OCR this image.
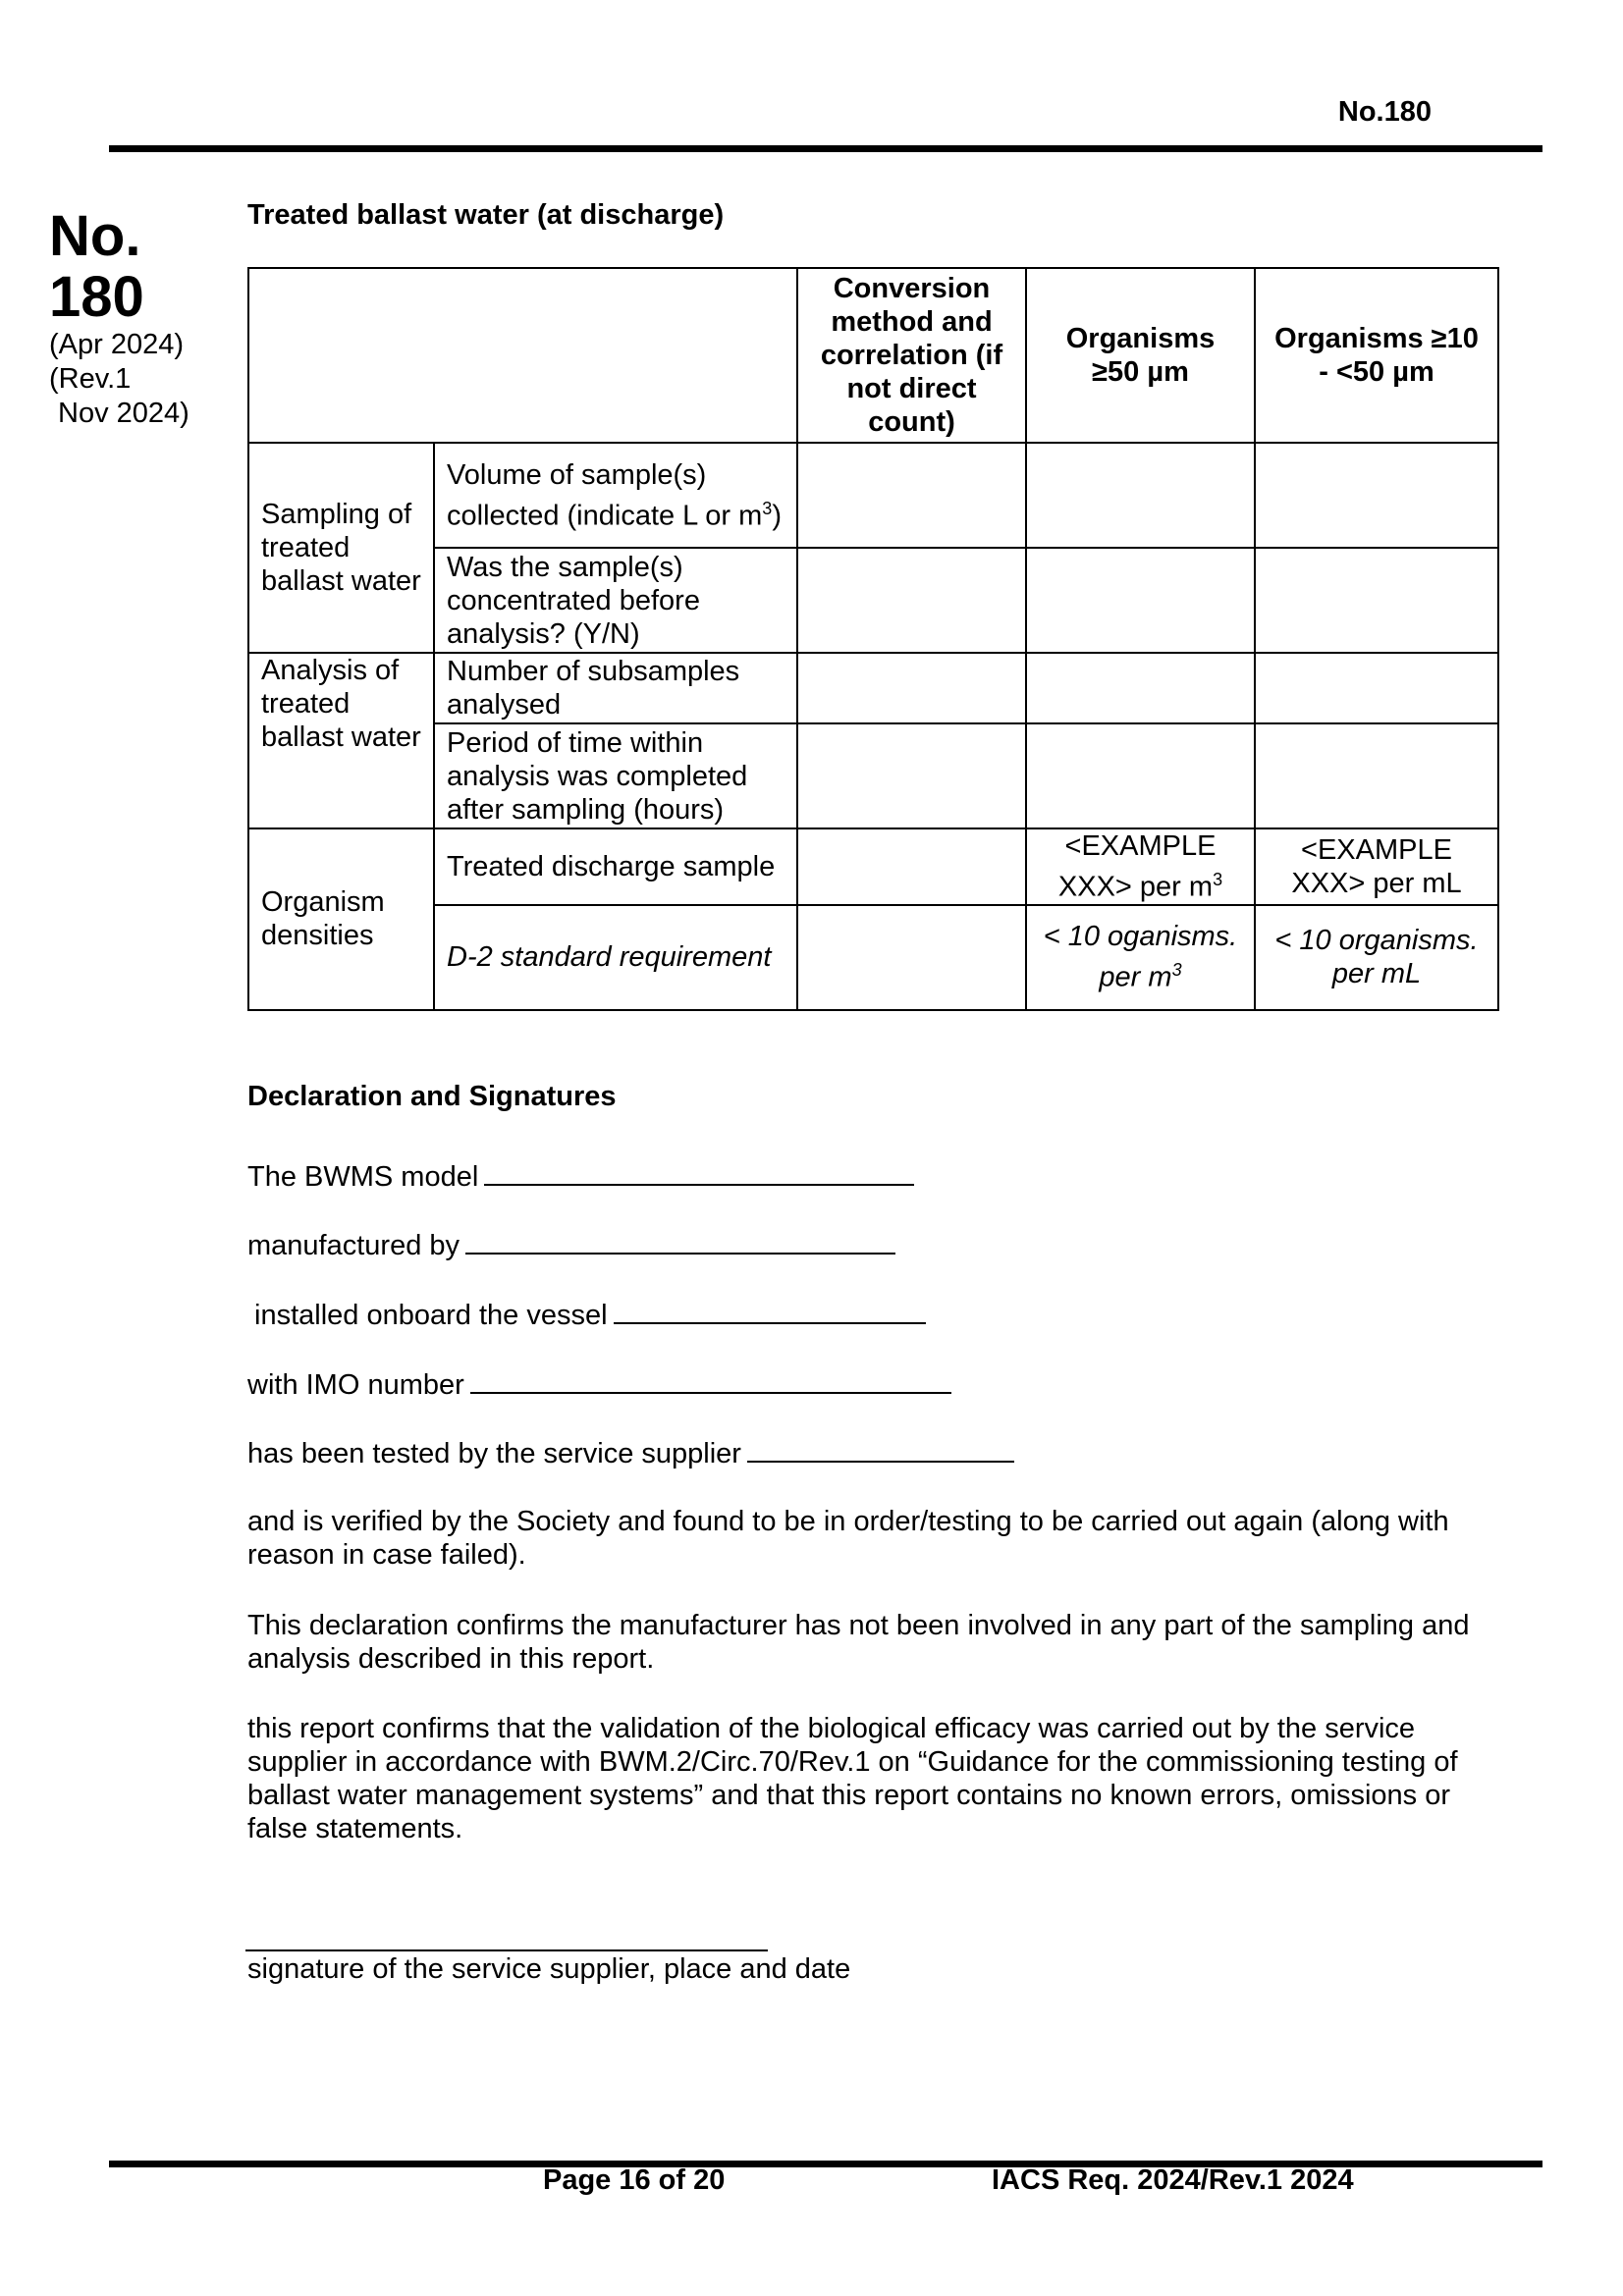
No.180
No.
180
(Apr 2024)
(Rev.1
Nov 2024)
Treated ballast water (at discharge)
		Conversion method and correlation (if not direct count)	Organisms ≥50 µm	Organisms ≥10 - <50 µm
Sampling of treated ballast water	Volume of sample(s) collected (indicate L or $m^3$)			
	Was the sample(s) concentrated before analysis? (Y/N)			
Analysis of treated ballast water	Number of subsamples analysed			
	Period of time within analysis was completed after sampling (hours)			
Organism densities	Treated discharge sample		<EXAMPLE XXX> per $m^3$	<EXAMPLE XXX> per mL
	D-2 standard requirement		< 10 oganisms. per $m^3$	< 10 organisms. per mL
Declaration and Signatures
The BWMS model
manufactured by
installed onboard the vessel
with IMO number
has been tested by the service supplier
and is verified by the Society and found to be in order/testing to be carried out again (along with reason in case failed).
This declaration confirms the manufacturer has not been involved in any part of the sampling and analysis described in this report.
this report confirms that the validation of the biological efficacy was carried out by the service supplier in accordance with BWM.2/Circ.70/Rev.1 on “Guidance for the commissioning testing of ballast water management systems” and that this report contains no known errors, omissions or false statements.
signature of the service supplier, place and date
Page 16 of 20	IACS Req. 2024/Rev.1 2024
